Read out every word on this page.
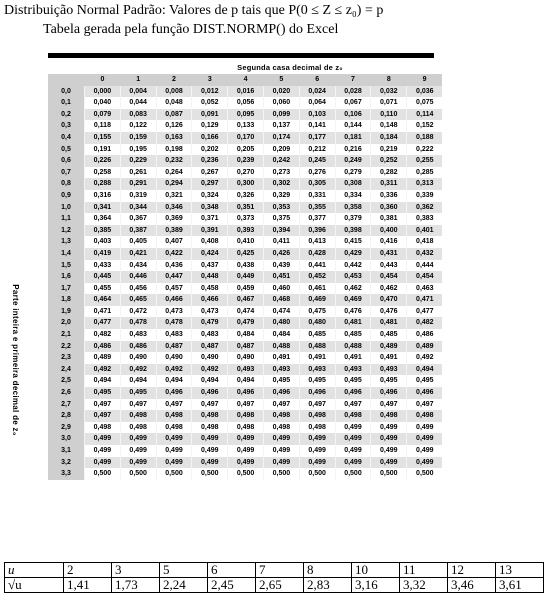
Distribuição Normal Padrão: Valores de p tais que P(0 ≤ Z ≤ z₀) = p
Tabela gerada pela função DIST.NORMP() do Excel
Segunda casa decimal de z₀
Parte inteira e primeira decimal de z₀
	0	1	2	3	4	5	6	7	8	9
0,0	0,000	0,004	0,008	0,012	0,016	0,020	0,024	0,028	0,032	0,036
0,1	0,040	0,044	0,048	0,052	0,056	0,060	0,064	0,067	0,071	0,075
0,2	0,079	0,083	0,087	0,091	0,095	0,099	0,103	0,106	0,110	0,114
0,3	0,118	0,122	0,126	0,129	0,133	0,137	0,141	0,144	0,148	0,152
0,4	0,155	0,159	0,163	0,166	0,170	0,174	0,177	0,181	0,184	0,188
0,5	0,191	0,195	0,198	0,202	0,205	0,209	0,212	0,216	0,219	0,222
0,6	0,226	0,229	0,232	0,236	0,239	0,242	0,245	0,249	0,252	0,255
0,7	0,258	0,261	0,264	0,267	0,270	0,273	0,276	0,279	0,282	0,285
0,8	0,288	0,291	0,294	0,297	0,300	0,302	0,305	0,308	0,311	0,313
0,9	0,316	0,319	0,321	0,324	0,326	0,329	0,331	0,334	0,336	0,339
1,0	0,341	0,344	0,346	0,348	0,351	0,353	0,355	0,358	0,360	0,362
1,1	0,364	0,367	0,369	0,371	0,373	0,375	0,377	0,379	0,381	0,383
1,2	0,385	0,387	0,389	0,391	0,393	0,394	0,396	0,398	0,400	0,401
1,3	0,403	0,405	0,407	0,408	0,410	0,411	0,413	0,415	0,416	0,418
1,4	0,419	0,421	0,422	0,424	0,425	0,426	0,428	0,429	0,431	0,432
1,5	0,433	0,434	0,436	0,437	0,438	0,439	0,441	0,442	0,443	0,444
1,6	0,445	0,446	0,447	0,448	0,449	0,451	0,452	0,453	0,454	0,454
1,7	0,455	0,456	0,457	0,458	0,459	0,460	0,461	0,462	0,462	0,463
1,8	0,464	0,465	0,466	0,466	0,467	0,468	0,469	0,469	0,470	0,471
1,9	0,471	0,472	0,473	0,473	0,474	0,474	0,475	0,476	0,476	0,477
2,0	0,477	0,478	0,478	0,479	0,479	0,480	0,480	0,481	0,481	0,482
2,1	0,482	0,483	0,483	0,483	0,484	0,484	0,485	0,485	0,485	0,486
2,2	0,486	0,486	0,487	0,487	0,487	0,488	0,488	0,488	0,489	0,489
2,3	0,489	0,490	0,490	0,490	0,490	0,491	0,491	0,491	0,491	0,492
2,4	0,492	0,492	0,492	0,492	0,493	0,493	0,493	0,493	0,493	0,494
2,5	0,494	0,494	0,494	0,494	0,494	0,495	0,495	0,495	0,495	0,495
2,6	0,495	0,495	0,496	0,496	0,496	0,496	0,496	0,496	0,496	0,496
2,7	0,497	0,497	0,497	0,497	0,497	0,497	0,497	0,497	0,497	0,497
2,8	0,497	0,498	0,498	0,498	0,498	0,498	0,498	0,498	0,498	0,498
2,9	0,498	0,498	0,498	0,498	0,498	0,498	0,498	0,499	0,499	0,499
3,0	0,499	0,499	0,499	0,499	0,499	0,499	0,499	0,499	0,499	0,499
3,1	0,499	0,499	0,499	0,499	0,499	0,499	0,499	0,499	0,499	0,499
3,2	0,499	0,499	0,499	0,499	0,499	0,499	0,499	0,499	0,499	0,499
3,3	0,500	0,500	0,500	0,500	0,500	0,500	0,500	0,500	0,500	0,500
u	2	3	5	6	7	8	10	11	12	13
√u	1,41	1,73	2,24	2,45	2,65	2,83	3,16	3,32	3,46	3,61
